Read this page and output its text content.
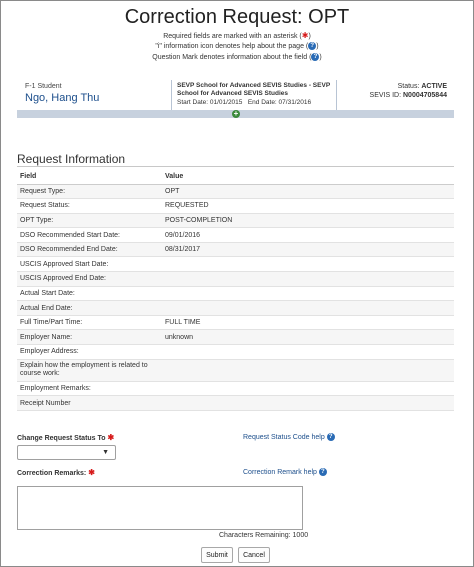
Correction Request: OPT
Required fields are marked with an asterisk (✱)
"i" information icon denotes help about the page ( ? )
Question Mark denotes information about the field ( ? )
F-1 Student
Ngo, Hang Thu
SEVP School for Advanced SEVIS Studies - SEVP School for Advanced SEVIS Studies
Start Date: 01/01/2015 End Date: 07/31/2016
Status: ACTIVE
SEVIS ID: N0004705844
+
Request Information
Field	Value
Request Type:	OPT
Request Status:	REQUESTED
OPT Type:	POST-COMPLETION
DSO Recommended Start Date:	09/01/2016
DSO Recommended End Date:	08/31/2017
USCIS Approved Start Date:	
USCIS Approved End Date:	
Actual Start Date:	
Actual End Date:	
Full Time/Part Time:	FULL TIME
Employer Name:	unknown
Employer Address:	
Explain how the employment is related to course work:	
Employment Remarks:	
Receipt Number	
Change Request Status To ✱	Request Status Code help ?
▼
Correction Remarks: ✱	Correction Remark help ?
Characters Remaining: 1000
Submit	Cancel
